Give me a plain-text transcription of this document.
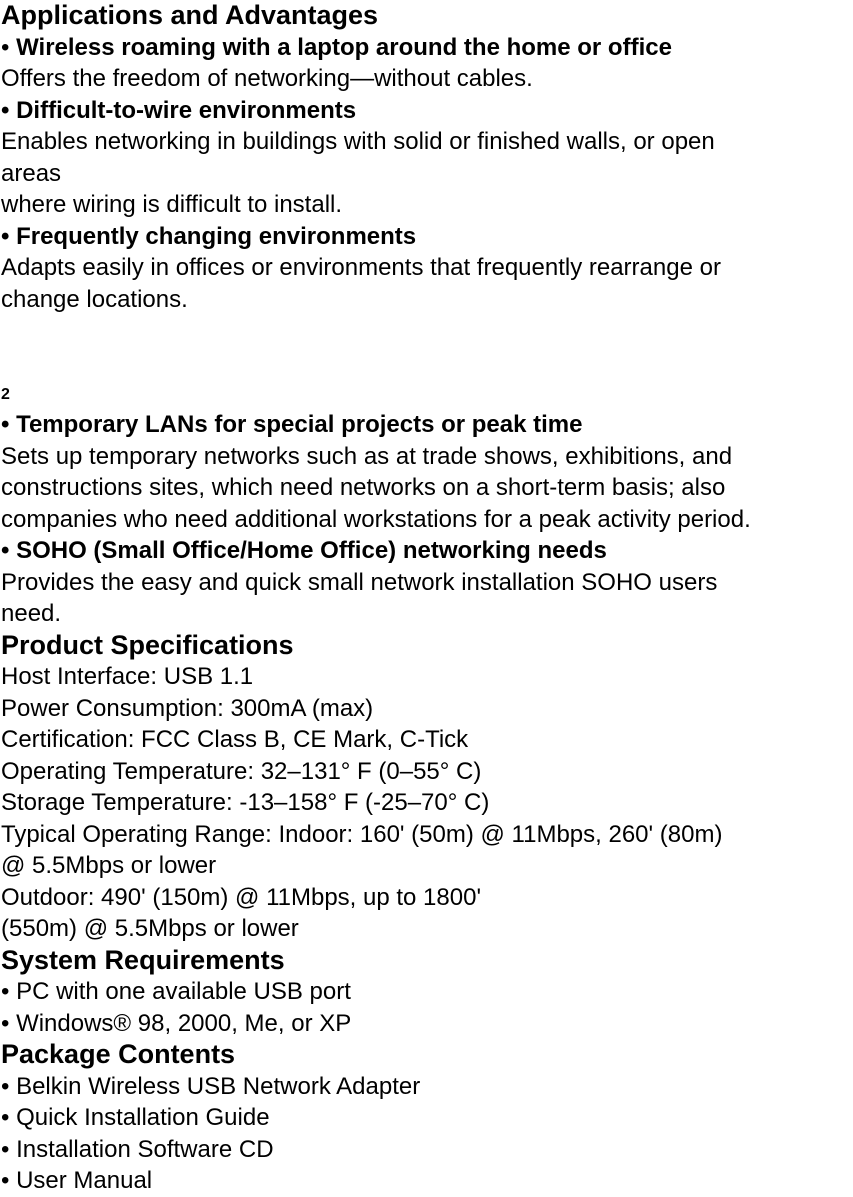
Applications and Advantages
• Wireless roaming with a laptop around the home or office
Offers the freedom of networking—without cables.
• Difficult-to-wire environments
Enables networking in buildings with solid or finished walls, or open
areas
where wiring is difficult to install.
• Frequently changing environments
Adapts easily in offices or environments that frequently rearrange or
change locations.
2
• Temporary LANs for special projects or peak time
Sets up temporary networks such as at trade shows, exhibitions, and
constructions sites, which need networks on a short-term basis; also
companies who need additional workstations for a peak activity period.
• SOHO (Small Office/Home Office) networking needs
Provides the easy and quick small network installation SOHO users
need.
Product Specifications
Host Interface: USB 1.1
Power Consumption: 300mA (max)
Certification: FCC Class B, CE Mark, C-Tick
Operating Temperature: 32–131° F (0–55° C)
Storage Temperature: -13–158° F (-25–70° C)
Typical Operating Range: Indoor: 160' (50m) @ 11Mbps, 260' (80m)
@ 5.5Mbps or lower
Outdoor: 490' (150m) @ 11Mbps, up to 1800'
(550m) @ 5.5Mbps or lower
System Requirements
• PC with one available USB port
• Windows® 98, 2000, Me, or XP
Package Contents
• Belkin Wireless USB Network Adapter
• Quick Installation Guide
• Installation Software CD
• User Manual
